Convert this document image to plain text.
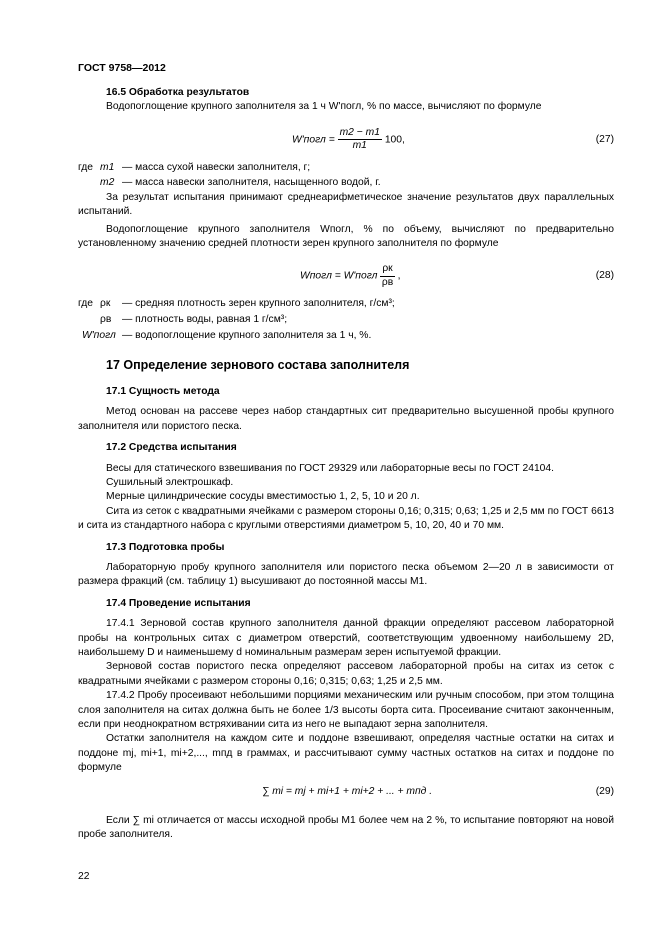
ГОСТ 9758—2012
16.5 Обработка результатов

Водопоглощение крупного заполнителя за 1 ч W'погл, % по массе, вычисляют по формуле

W'погл = $\frac{m2 - m1}{m1} 100$,	(27)
где m1 — масса сухой навески заполнителя, г;
m2 — масса навески заполнителя, насыщенного водой, г.

За результат испытания принимают среднеарифметическое значение результатов двух параллельных испытаний.

Водопоглощение крупного заполнителя Wпогл, % по объему, вычисляют по предварительно установленному значению средней плотности зерен крупного заполнителя по формуле

Wпогл = W'погл $\frac{\rho к}{\rho в}$ ,	(28)
где ρк — средняя плотность зерен крупного заполнителя, г/см³;
ρв — плотность воды, равная 1 г/см³;
W'погл — водопоглощение крупного заполнителя за 1 ч, %.
17 Определение зернового состава заполнителя
17.1 Сущность метода

Метод основан на рассеве через набор стандартных сит предварительно высушенной пробы крупного заполнителя или пористого песка.

17.2 Средства испытания

Весы для статического взвешивания по ГОСТ 29329 или лабораторные весы по ГОСТ 24104.

Сушильный электрошкаф.

Мерные цилиндрические сосуды вместимостью 1, 2, 5, 10 и 20 л.

Сита из сеток с квадратными ячейками с размером стороны 0,16; 0,315; 0,63; 1,25 и 2,5 мм по ГОСТ 6613 и сита из стандартного набора с круглыми отверстиями диаметром 5, 10, 20, 40 и 70 мм.

17.3 Подготовка пробы

Лабораторную пробу крупного заполнителя или пористого песка объемом 2—20 л в зависимости от размера фракций (см. таблицу 1) высушивают до постоянной массы M1.

17.4 Проведение испытания

17.4.1 Зерновой состав крупного заполнителя данной фракции определяют рассевом лабораторной пробы на контрольных ситах с диаметром отверстий, соответствующим удвоенному наибольшему 2D, наибольшему D и наименьшему d номинальным размерам зерен испытуемой фракции.

Зерновой состав пористого песка определяют рассевом лабораторной пробы на ситах из сеток с квадратными ячейками с размером стороны 0,16; 0,315; 0,63; 1,25 и 2,5 мм.

17.4.2 Пробу просеивают небольшими порциями механическим или ручным способом, при этом толщина слоя заполнителя на ситах должна быть не более 1/3 высоты борта сита. Просеивание считают законченным, если при неоднократном встряхивании сита из него не выпадают зерна заполнителя.

Остатки заполнителя на каждом сите и поддоне взвешивают, определяя частные остатки на ситах и поддоне mj, mi+1, mi+2,..., mпд в граммах, и рассчитывают сумму частных остатков на ситах и поддоне по формуле

∑ mi = mj + mi+1 + mi+2 + ... + mпд .	(29)

Если ∑ mi отличается от массы исходной пробы M1 более чем на 2 %, то испытание повторяют на новой пробе заполнителя.

22
